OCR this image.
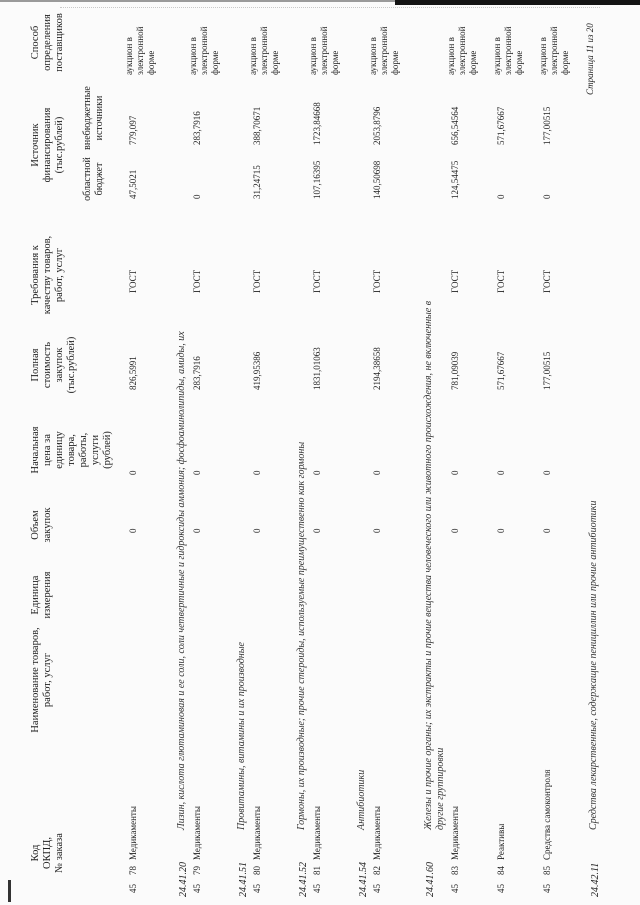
Код ОКПД, № заказа
Наименование товаров, работ, услуг
Единица измерения
Объем закупок
Начальная цена за единицу товара, работы, услуги (рублей)
Полная стоимость закупок (тыс.рублей)
Требования к качеству товаров, работ, услуг
Источник финансирования (тыс.рублей)
областной бюджет
внебюджетные источники
Способ определения поставщиков
45
78
Медикаменты
0
0
826,5991
ГОСТ
47,5021
779,097
аукцион в электронной форме
24.41.20
Лизин, кислота глютаминовая и ее соли, соли четвертичные и гидроксиды аммония; фосфоаминолипиды, амиды, их
45
79
Медикаменты
0
0
283,7916
ГОСТ
0
283,7916
аукцион в электронной форме
24.41.51
Провитамины, витамины и их производные
45
80
Медикаменты
0
0
419,95386
ГОСТ
31,24715
388,70671
аукцион в электронной форме
24.41.52
Гормоны, их производные; прочие стероиды, используемые преимущественно как гормоны
45
81
Медикаменты
0
0
1831,01063
ГОСТ
107,16395
1723,84668
аукцион в электронной форме
24.41.54
Антибиотики
45
82
Медикаменты
0
0
2194,38658
ГОСТ
140,50698
2053,8796
аукцион в электронной форме
24.41.60
Железы и прочие органы; их экстракты и прочие вещества человеческого или животного происхождения, не включенные в другие группировки
45
83
Медикаменты
0
0
781,09039
ГОСТ
124,54475
656,54564
аукцион в электронной форме
45
84
Реактивы
0
0
571,67667
ГОСТ
0
571,67667
аукцион в электронной форме
45
85
Средства самоконтроля
0
0
177,00515
ГОСТ
0
177,00515
аукцион в электронной форме
24.42.11
Средства лекарственные, содержащие пенициллин или прочие антибиотики
Страница 11 из 20
